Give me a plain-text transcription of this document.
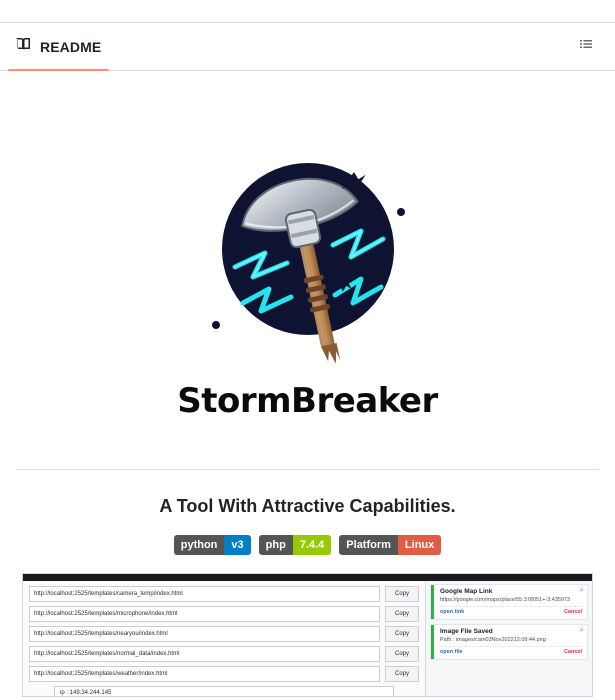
README
StormBreaker
A Tool With Attractive Capabilities.
python	v3	php	7.4.4	Platform	Linux
http://localhost:2525/templates/camera_temp/index.html	Copy
http://localhost:2525/templates/microphone/index.html	Copy
http://localhost:2525/templates/nearyou/index.html	Copy
http://localhost:2525/templates/normal_data/index.html	Copy
http://localhost:2525/templates/weather/index.html	Copy
ip : 149.34.244.145
✕
Google Map Link
https://google.com/maps/place/55.378051+-3.435973
open link	Cancel
✕
Image File Saved
Path : images/cam03Nov202212:09:44.png
open file	Cancel
